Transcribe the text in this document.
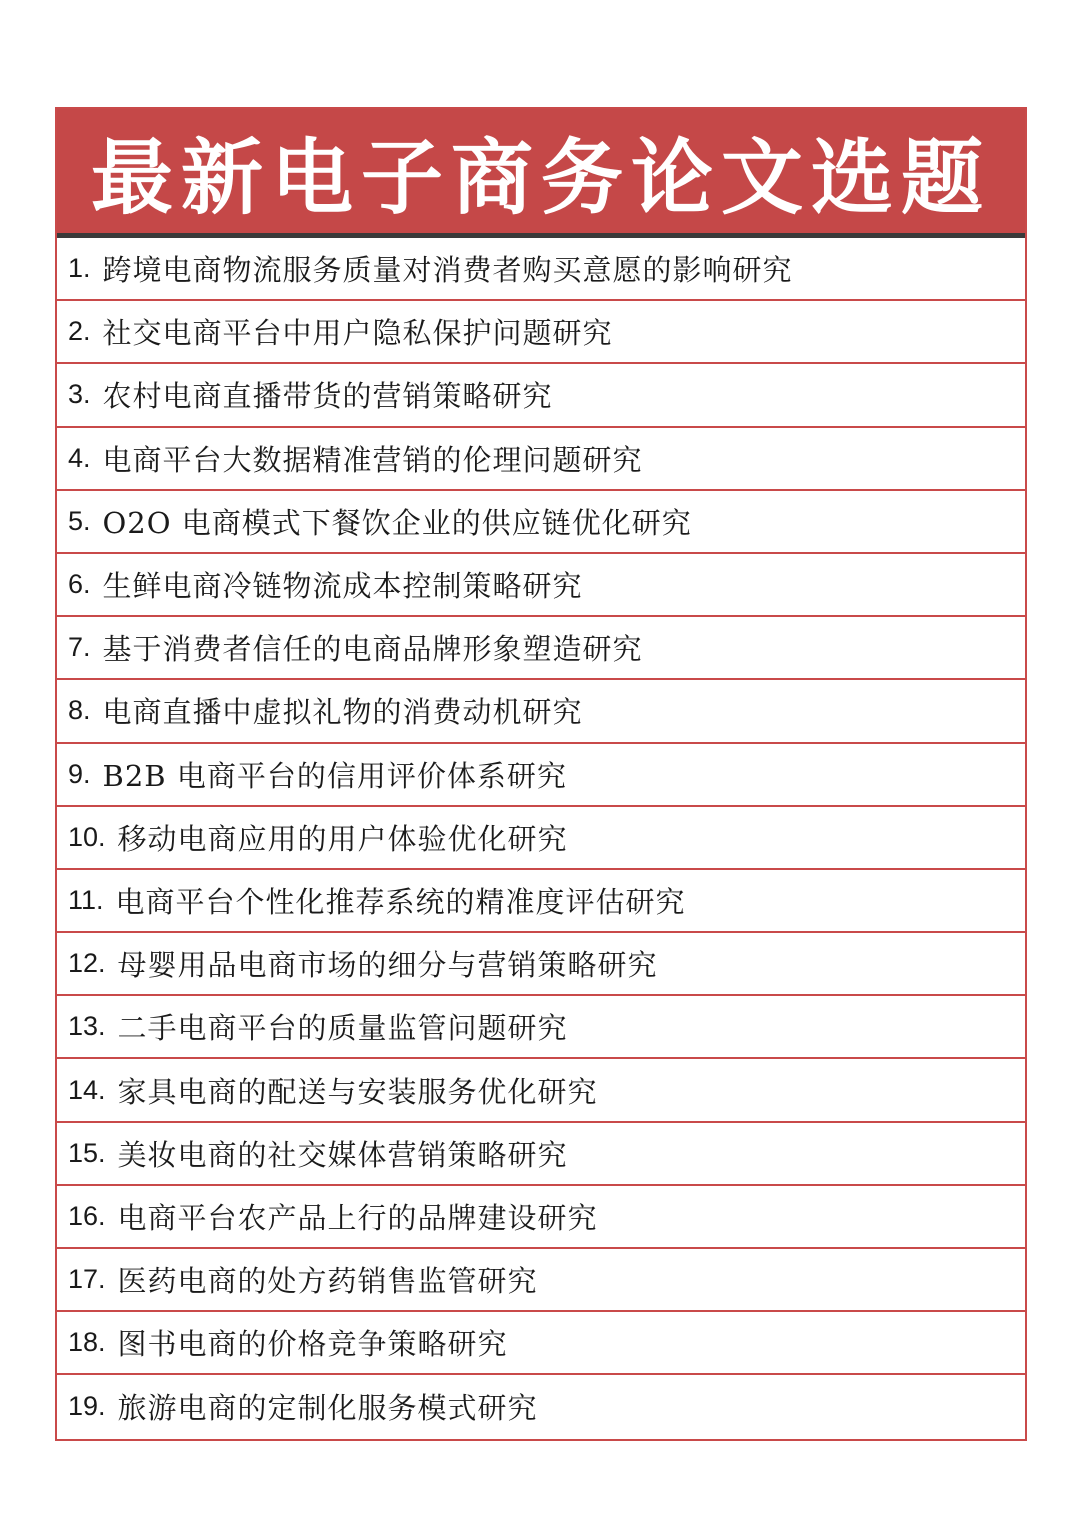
最新电子商务论文选题
1. 跨境电商物流服务质量对消费者购买意愿的影响研究
2. 社交电商平台中用户隐私保护问题研究
3. 农村电商直播带货的营销策略研究
4. 电商平台大数据精准营销的伦理问题研究
5. O2O 电商模式下餐饮企业的供应链优化研究
6. 生鲜电商冷链物流成本控制策略研究
7. 基于消费者信任的电商品牌形象塑造研究
8. 电商直播中虚拟礼物的消费动机研究
9. B2B 电商平台的信用评价体系研究
10. 移动电商应用的用户体验优化研究
11. 电商平台个性化推荐系统的精准度评估研究
12. 母婴用品电商市场的细分与营销策略研究
13. 二手电商平台的质量监管问题研究
14. 家具电商的配送与安装服务优化研究
15. 美妆电商的社交媒体营销策略研究
16. 电商平台农产品上行的品牌建设研究
17. 医药电商的处方药销售监管研究
18. 图书电商的价格竞争策略研究
19. 旅游电商的定制化服务模式研究
